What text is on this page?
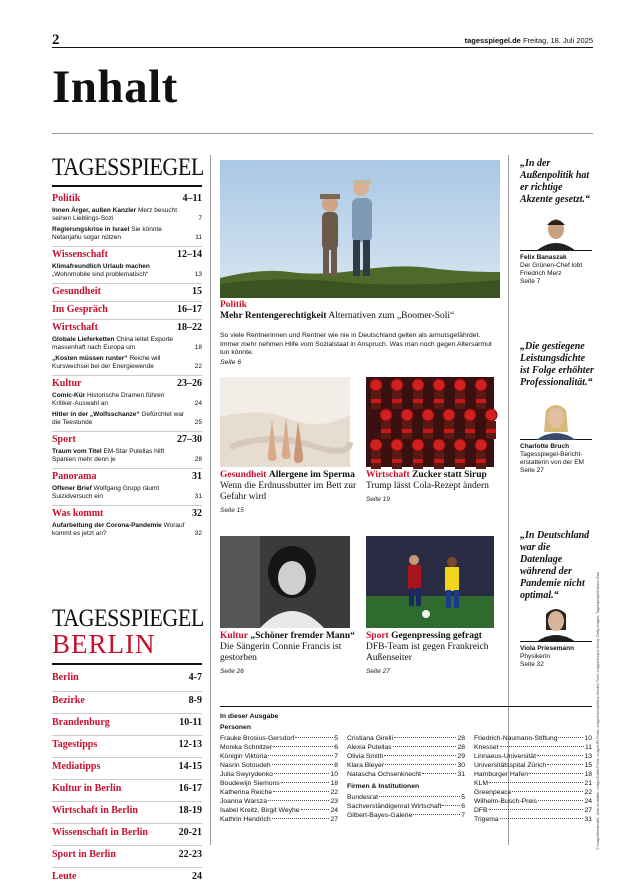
2	tagesspiegel.de Freitag, 18. Juli 2025
Inhalt
TAGESSPIEGEL
Politik	4–11
Innen Ärger, außen Kanzler Merz besucht seinen Lieblings-Sozi	7
Regierungskrise in Israel Sie könnte Netanjahu sogar nützen	11
Wissenschaft	12–14
Klimafreundlich Urlaub machen „Wohnmobile sind problematisch“	13
Gesundheit	15
Im Gespräch	16–17
Wirtschaft	18–22
Globale Lieferketten China leitet Exporte massenhaft nach Europa um	18
„Kosten müssen runter“ Reiche will Kurswechsel bei der Energiewende	22
Kultur	23–26
Comic-Kür Historische Dramen führen Kritiker-Auswahl an	24
Hitler in der „Wolfsschanze“ Gefürchtet war die Teestunde	25
Sport	27–30
Traum vom Titel EM-Star Putellas hilft Spanien mehr denn je	28
Panorama	31
Offener Brief Wolfgang Grupp räumt Suizidversuch ein	31
Was kommt	32
Aufarbeitung der Corona-Pandemie Worauf kommt es jetzt an?	32
TAGESSPIEGEL
BERLIN
Berlin	4-7
Bezirke	8-9
Brandenburg	10-11
Tagestipps	12-13
Mediatipps	14-15
Kultur in Berlin	16-17
Wirtschaft in Berlin	18-19
Wissenschaft in Berlin	20-21
Sport in Berlin	22-23
Leute	24
Politik
Mehr Rentengerechtigkeit Alternativen zum „Boomer-Soli“
So viele Rentnerinnen und Rentner wie nie in Deutschland gelten als armutsgefährdet. Immer mehr nehmen Hilfe vom Sozialstaat in Anspruch. Was man noch gegen Altersarmut tun könnte.
Seite 6
Gesundheit Allergene im Sperma Wenn die Erdnussbutter im Bett zur Gefahr wird
Seite 15
Wirtschaft Zucker statt Sirup Trump lässt Cola-Rezept ändern
Seite 19
Kultur „Schöner fremder Mann“ Die Sängerin Connie Francis ist gestorben
Seite 26
Sport Gegenpressing gefragt DFB-Team ist gegen Frankreich Außenseiter
Seite 27
„In der Außenpolitik hat er richtige Akzente gesetzt.“
Felix Banaszak
Der Grünen-Chef lobt Friedrich Merz
Seite 7
„Die gestiegene Leistungsdichte ist Folge erhöhter Professionalität.“
Charlotte Bruch
Tagesspiegel-Bericht-erstatterin von der EM
Seite 27
„In Deutschland war die Datenlage während der Pandemie nicht optimal.“
Viola Priesemann
Physikerin
Seite 32	© Imago/Westend61, Uwe Umstätter; imago/ZUMA Press; imago/UPI Photo; imago/Nomad/Xtra/ Hendrik Thiel; imago/nicepix/ Nieva; Getty Images; Tagesspiegel/Nassim Rad
In dieser Ausgabe
Personen
Frauke Brosius-Gersdorf	5
Monika Schnitzer	6
Königin Viktoria	7
Nasrin Sotoudeh	8
Julia Swyrydenko	10
Boudewijn Siemons	18
Katherina Reiche	22
Joanna Warsza	23
Isabel Kreitz, Birgit Weyhe	24
Kathrin Hendrich	27
Cristiana Girelli	28
Alexia Putellas	28
Olivia Smith	29
Klara Bleyer	30
Natascha Ochsenknecht	31
Firmen & Institutionen
Bundesrat	5
Sachverständigenrat Wirtschaft	6
Gilbert-Bayes-Galerie	7
Friedrich-Naumann-Stiftung	10
Knesset	11
Linnaeus-Universität	13
Universitätsspital Zürich	15
Hamburger Hafen	18
KLM	21
Greenpeace	22
Wilhelm-Busch-Preis	24
DFB	27
Trigema	31
